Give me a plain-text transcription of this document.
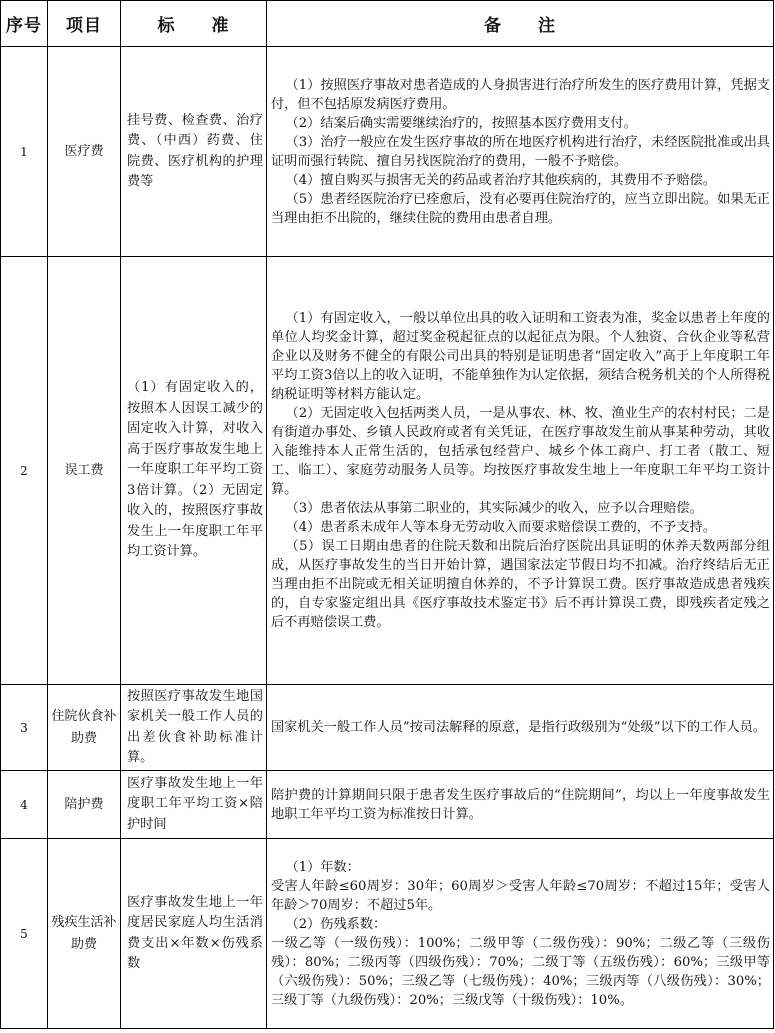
序号	项目	标　　准	备　　注
1	医疗费	挂号费、检查费、治疗费、（中西）药费、住院费、医疗机构的护理费等	（1）按照医疗事故对患者造成的人身损害进行治疗所发生的医疗费用计算，凭据支付，但不包括原发病医疗费用。
（2）结案后确实需要继续治疗的，按照基本医疗费用支付。
（3）治疗一般应在发生医疗事故的所在地医疗机构进行治疗，未经医院批准或出具证明而强行转院、擅自另找医院治疗的费用，一般不予赔偿。
（4）擅自购买与损害无关的药品或者治疗其他疾病的，其费用不予赔偿。
（5）患者经医院治疗已痊愈后，没有必要再住院治疗的，应当立即出院。如果无正当理由拒不出院的，继续住院的费用由患者自理。

2	误工费	（1）有固定收入的，按照本人因误工减少的固定收入计算，对收入高于医疗事故发生地上一年度职工年平均工资3倍计算。（2）无固定收入的，按照医疗事故发生上一年度职工年平均工资计算。	（1）有固定收入，一般以单位出具的收入证明和工资表为准，奖金以患者上年度的单位人均奖金计算，超过奖金税起征点的以起征点为限。个人独资、合伙企业等私营企业以及财务不健全的有限公司出具的特别是证明患者“固定收入”高于上年度职工年平均工资3倍以上的收入证明，不能单独作为认定依据，须结合税务机关的个人所得税纳税证明等材料方能认定。
（2）无固定收入包括两类人员，一是从事农、林、牧、渔业生产的农村村民；二是有街道办事处、乡镇人民政府或者有关凭证，在医疗事故发生前从事某种劳动，其收入能维持本人正常生活的，包括承包经营户、城乡个体工商户、打工者（散工、短工、临工）、家庭劳动服务人员等。均按医疗事故发生地上一年度职工年平均工资计算。
（3）患者依法从事第二职业的，其实际减少的收入，应予以合理赔偿。
（4）患者系未成年人等本身无劳动收入而要求赔偿误工费的，不予支持。
（5）误工日期由患者的住院天数和出院后治疗医院出具证明的休养天数两部分组成，从医疗事故发生的当日开始计算，遇国家法定节假日均不扣减。治疗终结后无正当理由拒不出院或无相关证明擅自休养的，不予计算误工费。医疗事故造成患者残疾的，自专家鉴定组出具《医疗事故技术鉴定书》后不再计算误工费，即残疾者定残之后不再赔偿误工费。

3	住院伙食补助费	按照医疗事故发生地国家机关一般工作人员的出差伙食补助标准计算。	国家机关一般工作人员”按司法解释的原意，是指行政级别为“处级”以下的工作人员。

4	陪护费	医疗事故发生地上一年度职工年平均工资×陪护时间	陪护费的计算期间只限于患者发生医疗事故后的“住院期间”，均以上一年度事故发生地职工年平均工资为标准按日计算。

5	残疾生活补助费	医疗事故发生地上一年度居民家庭人均生活消费支出×年数×伤残系数	（1）年数：
受害人年龄≤60周岁：30年；60周岁＞受害人年龄≤70周岁：不超过15年；受害人年龄＞70周岁：不超过5年。
（2）伤残系数：
一级乙等（一级伤残）：100%；二级甲等（二级伤残）：90%；二级乙等（三级伤残）：80%；二级丙等（四级伤残）：70%；二级丁等（五级伤残）：60%；三级甲等（六级伤残）：50%；三级乙等（七级伤残）：40%；三级丙等（八级伤残）：30%；三级丁等（九级伤残）：20%；三级戊等（十级伤残）：10%。
